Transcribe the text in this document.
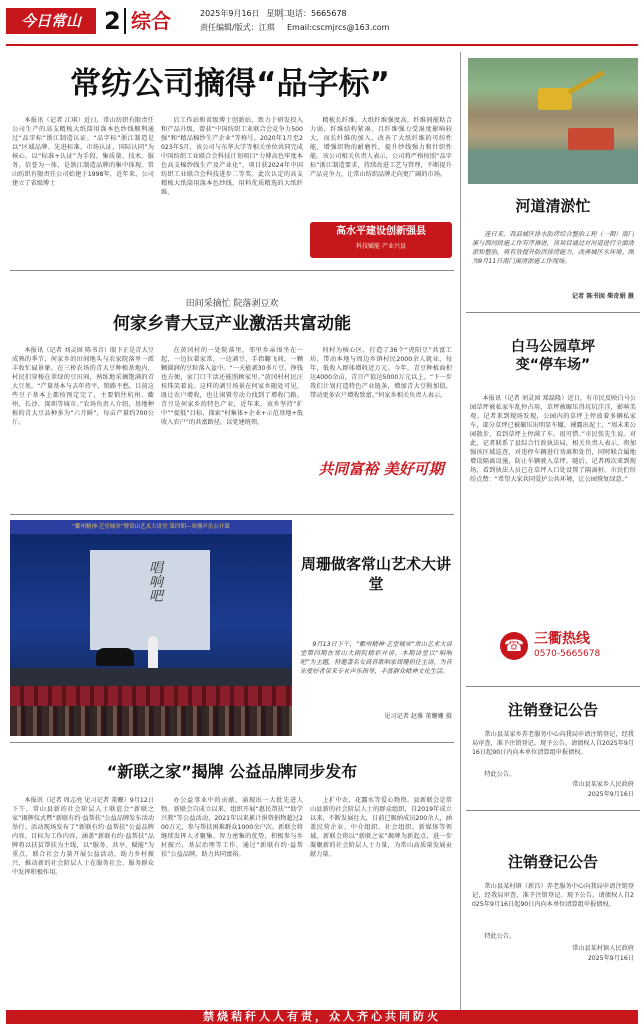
今日常山 2 综合	2025年9月16日 星期二
责任编辑/版式：江琪
电话：5665678
Email:cscmjrcs@163.com
常纺公司摘得“品字标”

本报讯（记者 江琪）近日，常山纺织有限责任公司生产的高支精梳大纸筒用涤本色纱线顺利通过“品字标”浙江制造认证。“品字标”浙江制造是以“区域品牌、先进标准、市场认证、国际认同”为核心，以“标准+认证”为手段，集质量、技术、服务、信誉为一体，是浙江制造品牌的集中体现。常山纺织有限责任公司始建于1998年，近年来，公司建立了省级博士

后工作站和省级博士创新站，致力于研发投入和产品升级，曾获“中国纺织工业联合会竞争力500强”和“精品棉纱生产企业”等称号。2020年1月至2023年5月，该公司与东华大学等相关单位共同完成中国纺织工业联合会科技计划项目“力博高色牢度本色高支棉纱线生产及产业化”，项目获2024年中国纺织工业联合会科技进步二等奖。此次认定的高支精梳大纸筒用涤本色纱线，用料优质精选的大纸纤维，

精梳长纤维、大纸纤维强度高，纤维间能粘合力弱，纤维结构紧凑，且纤维强力受湿度影响较大，而长纤维的加入，改善了大纸纤维的可纺性能，增强织物的耐磨性，提升纱线强力和针织性能。该公司相关负责人表示，公司将严格按照“品字标”浙江制造要求，持续改进工艺与管理，不断提升产品竞争力，让常山纺织品牌走向更广阔的市场。

高水平建设创新强县
科技赋能 产业兴县
田间采摘忙 院落剥豆欢
何家乡青大豆产业激活共富动能

本报讯（记者 刘灵囡 陈书音）眼下正是青大豆成熟的季节，何家乡的田间地头与农家院落里一派丰收忙碌景象。在三桥农场的青大豆种植基地内，村民们穿梭在翠绿的豆田间，熟练地采摘饱满的青大豆荚。“产量基本与去年持平，销路不愁，目前这些豆子基本上都按预定完了，主要销往杭州、衢州、长沙、深圳等城市。”农场负责人介绍，基地种植的青大豆品种多为“六月鲜”，每亩产量约700公斤。

在黄冈村的一处院落里，邻里乡亲围坐在一起，一边拉着家常，一边剥豆，手指翻飞间，一颗颗圆润的豆粒落入盆中。“一天能剥30多斤豆，挣钱也方便，家门口干活还能照顾家里。”黄冈村村民汪桂珠笑着说。这样的剥豆场景在何家乡随处可见，既让农户增收，也让闲置劳动力找到了增收门路。青豆是何家乡的特色产业，近年来，该乡坚持“扩中”“提低”目标，探索“村集体+企业+示范基地+低收入农户”的共富路径，以党建统领，

何村为核心区，打造了36个“虎阳豆”共富工坊，带动本地与周边乡镇村民2000余人就业，每年，低收入群体增收近万元。今年，青豆种植面积达4000余亩，青豆产值达5000万元以上。“下一步我们计划打造特色产业链条，增加青大豆附加值，带动更多农户增收致富。”何家乡相关负责人表示。

共同富裕 美好可期
“衢州精神·艺堂城章”暨常山艺术大讲堂 第四期—周珊声乐公开课
唱响吧	周珊做客常山艺术大讲堂

9月13日下午，“衢州精神·艺堂城章”常山艺术大讲堂第四期在常山大剧院精彩开讲。本期讲堂以“唱响吧”为主题，特邀著名女高音歌唱家周珊担任主讲，为音乐爱好者带来专业声乐指导，丰富群众精神文化生活。

见习记者 赵雅 董姗姗 摄
“新联之家”揭牌 公益品牌同步发布

本报讯（记者 周志亮 见习记者 董姗）9月12日下午，常山县新的社会阶层人士联谊会“新联之家”揭牌仪式暨“新联有约·益帮扶”公益品牌发布活动举行。活动现场发布了“新联有约·益帮扶”公益品牌内容，目标为工作内容，涵盖“新联有约·益帮扶”品牌将以扶贫帮扶为主线，以“服务、共享、赋能”为重点，联合社会力量开展公益活动，助力乡村振兴，推动新的社会阶层人士在服务社会、服务群众中发挥积极作用。

办公益事业中的贡献，涌现出一大批先进人物。新联会自成立以来，组织开展“惠民帮扶”“助学兴教”等公益活动，2021年以来累计捐资捐物超过200万元，参与帮扶困难群众1000余户次。新联会将继续发挥人才聚集、智力密集的优势，积极参与乡村振兴、基层治理等工作，通过“新联有约·益帮扶”公益品牌，助力共同富裕。

上扩中农、花露水等爱心物资。县新联会是常山县新的社会阶层人士的群众组织，自2019年成立以来，不断发展壮大，目前已吸纳成员200余人，涵盖民营企业、中介组织、社会组织、新媒体等领域。新联会将以“新联之家”揭牌为新起点，进一步凝聚新的社会阶层人士力量，为常山高质量发展贡献力量。

河道清淤忙

连日来，我县城区排水防涝综合整治工程（一期）南门溪与西河段施工作有序推进，该项目通过对河道进行全面清淤和整治，将有效提升防洪排涝能力，改善城区水环境。图为9月11日南门溪清淤施工作现场。

记者 陈书囡 柴奇娟 摄
白马公园草坪
变“停车场”

本报讯（记者 刘灵囡 郑磊隆）近日，有市民反映白马公园草坪被私家车乱停占用，草坪被碾压得坑坑洼洼，影响美观。记者来到现场发现，公园内的草坪上停放着多辆私家车，部分草坪已被碾压出明显车辙，裸露出泥土。“周末来公园散步，看到草坪上停满了车，很可惜。”市民张先生说。对此，记者联系了县综合行政执法局，相关负责人表示，将加强该区域巡查，对违停车辆进行劝离和处罚，同时联合属地增设隔离设施，防止车辆驶入草坪。随后，记者再次来到现场，看到执法人员已在草坪入口处设置了隔离桩。市民们纷纷点赞：“希望大家共同爱护公共环境，让公园恢复绿意。”

☎ 三衢热线
0570-5665678
注销登记公告

常山县某家乡养老服务中心向我局申请注销登记，经我局审查，准予注销登记。现予公告。请债权人自2025年9月16日起90日内向本单位清算组申报债权。

特此公告。

常山县某家乡人民政府
2025年9月16日
注销登记公告

常山县某村镇（新昌）养老服务中心向我局申请注销登记，经我局审查，准予注销登记。现予公告。请债权人自2025年9月16日起90日内向本单位清算组申报债权。

特此公告。

常山县某村镇人民政府
2025年9月16日
禁烧秸秆人人有责，众人齐心共同防火
